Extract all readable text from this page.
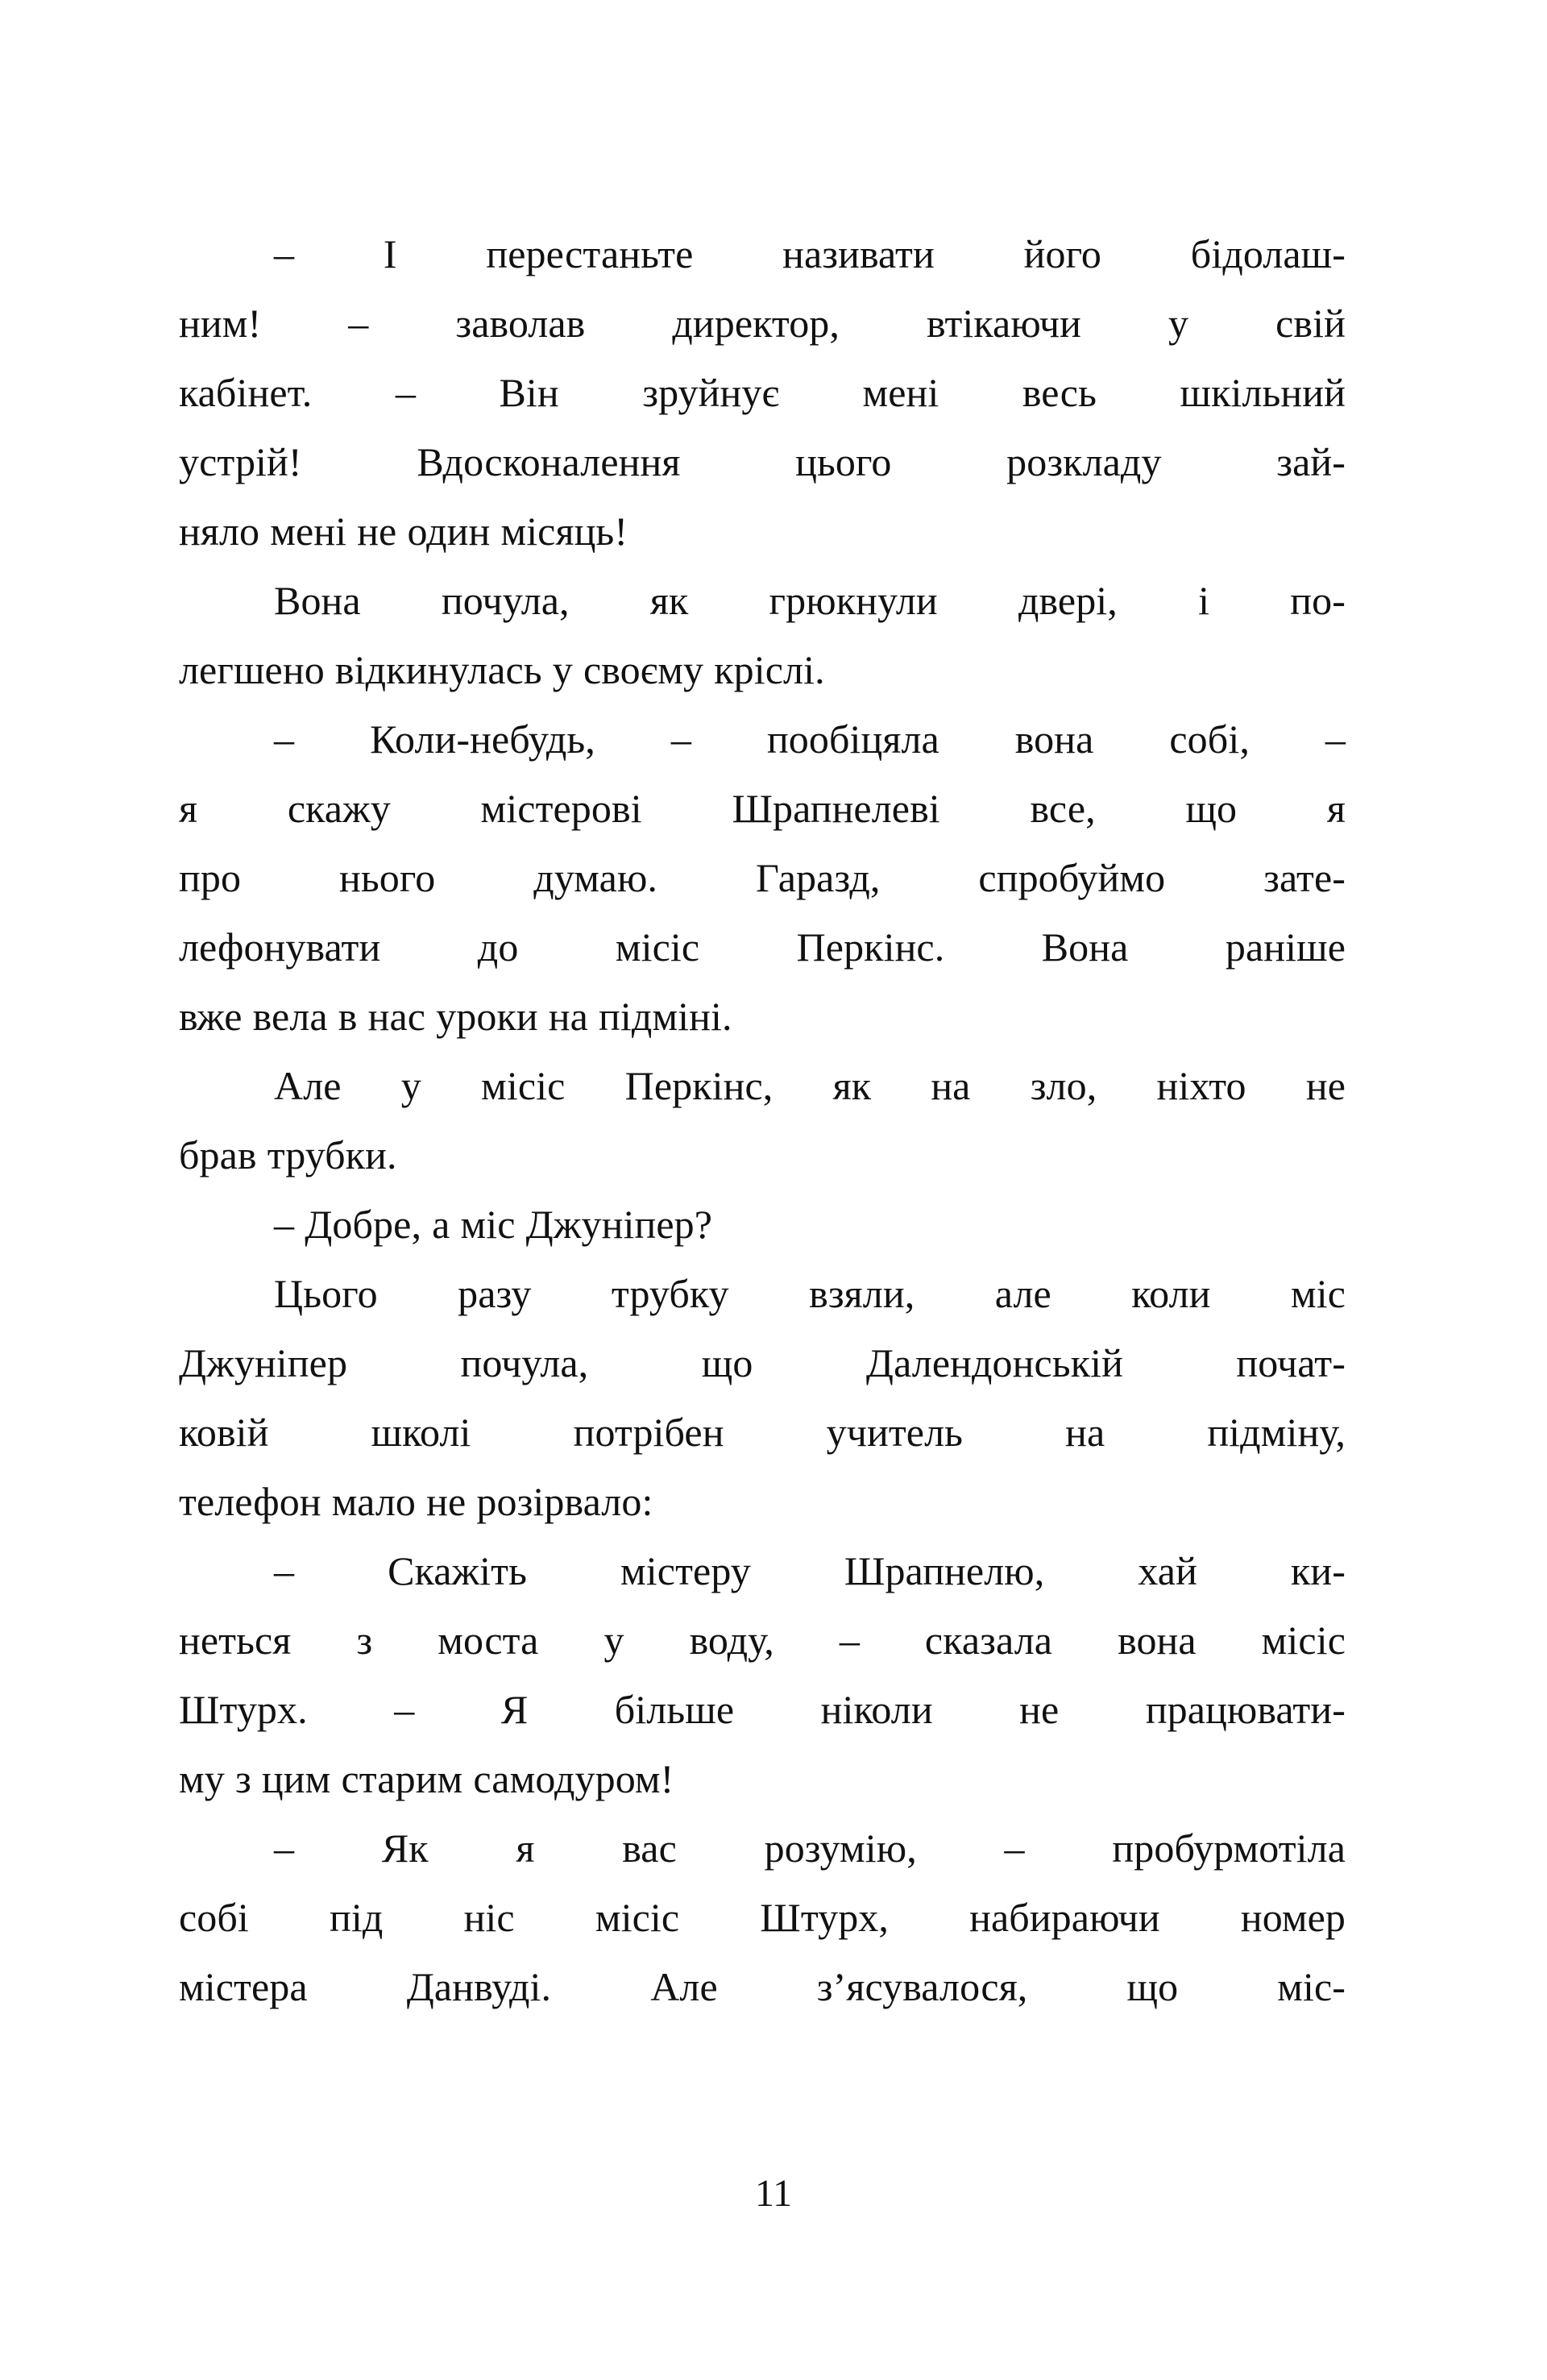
– І перестаньте називати його бідолаш-
ним! – заволав директор, втікаючи у свій
кабінет. – Він зруйнує мені весь шкільний
устрій! Вдосконалення цього розкладу зай-
няло мені не один місяць!

Вона почула, як грюкнули двері, і по-
легшено відкинулась у своєму кріслі.

– Коли-небудь, – пообіцяла вона собі, –
я скажу містерові Шрапнелеві все, що я
про нього думаю. Гаразд, спробуймо зате-
лефонувати до місіс Перкінс. Вона раніше
вже вела в нас уроки на підміні.

Але у місіс Перкінс, як на зло, ніхто не
брав трубки.

– Добре, а міс Джуніпер?

Цього разу трубку взяли, але коли міс
Джуніпер почула, що Далендонській почат-
ковій школі потрібен учитель на підміну,
телефон мало не розірвало:

– Скажіть містеру Шрапнелю, хай ки-
неться з моста у воду, – сказала вона місіс
Штурх. – Я більше ніколи не працювати-
му з цим старим самодуром!

– Як я вас розумію, – пробурмотіла
собі під ніс місіс Штурх, набираючи номер
містера Данвуді. Але з’ясувалося, що міс-

11
